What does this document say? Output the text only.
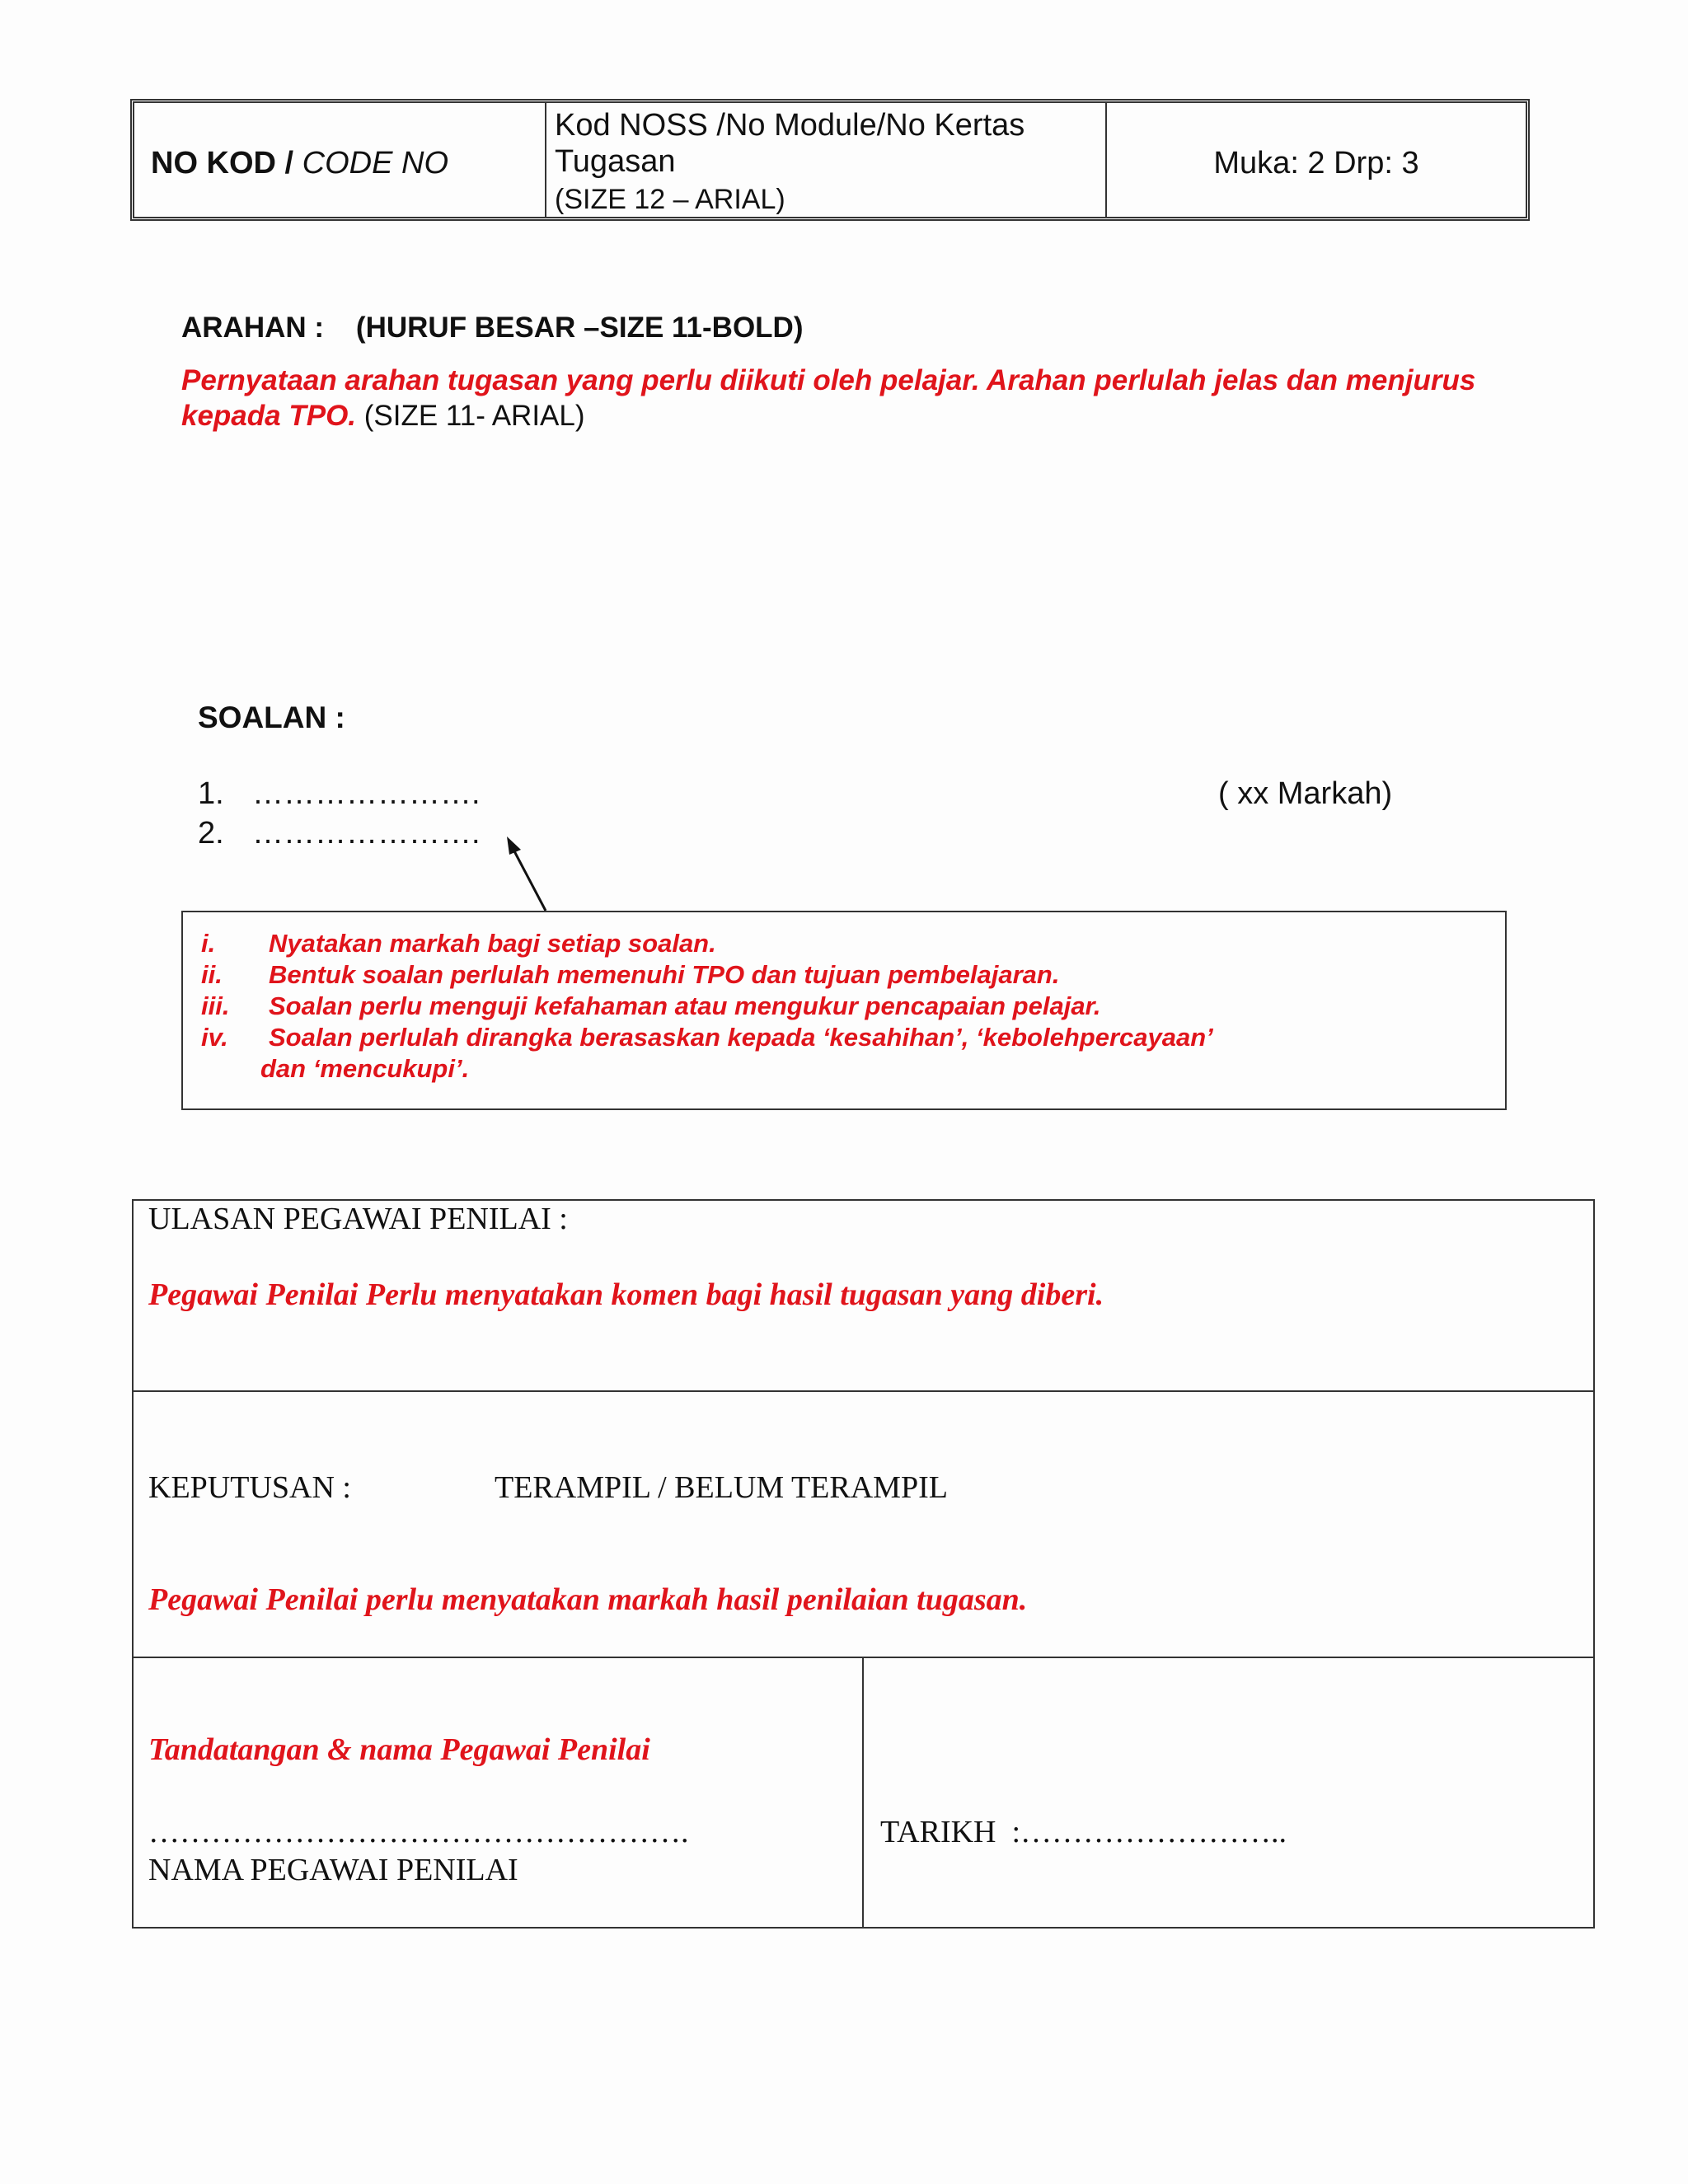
NO KOD / CODE NO
Kod NOSS /No Module/No Kertas
Tugasan
(SIZE 12 – ARIAL)
Muka: 2 Drp: 3
ARAHAN :    (HURUF BESAR –SIZE 11-BOLD)
Pernyataan arahan tugasan yang perlu diikuti oleh pelajar. Arahan perlulah jelas dan menjurus kepada TPO. (SIZE 11- ARIAL)
SOALAN :
1. ………………….
2. ………………….
( xx Markah)
i. Nyatakan markah bagi setiap soalan.
ii. Bentuk soalan perlulah memenuhi TPO dan tujuan pembelajaran.
iii. Soalan perlu menguji kefahaman atau mengukur pencapaian pelajar.
iv. Soalan perlulah dirangka berasaskan kepada ‘kesahihan’, ‘kebolehpercayaan’
dan ‘mencukupi’.
ULASAN PEGAWAI PENILAI :
Pegawai Penilai Perlu menyatakan komen bagi hasil tugasan yang diberi.
KEPUTUSAN :	TERAMPIL / BELUM TERAMPIL
Pegawai Penilai perlu menyatakan markah hasil penilaian tugasan.
Tandatangan & nama Pegawai Penilai
…………………………………………….
NAMA PEGAWAI PENILAI
TARIKH  :……………………..
